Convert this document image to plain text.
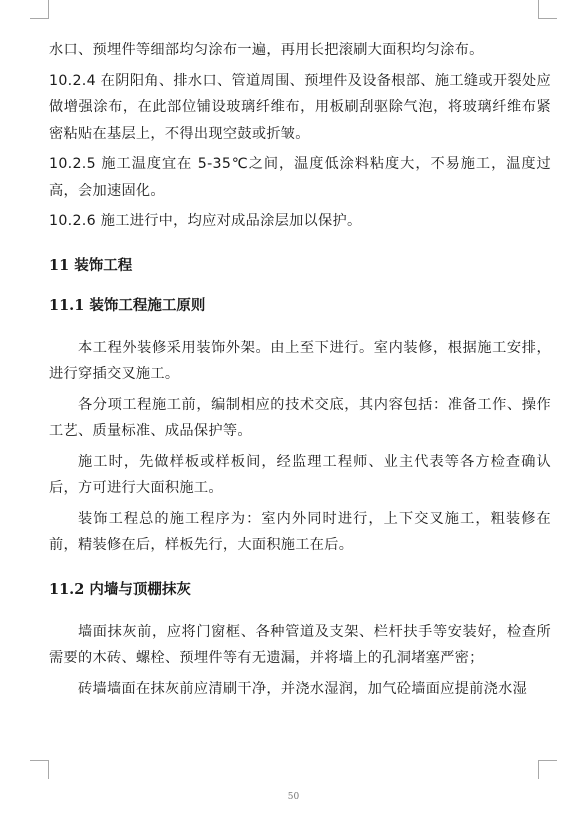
水口、预埋件等细部均匀涂布一遍，再用长把滚刷大面积均匀涂布。

10.2.4 在阴阳角、排水口、管道周围、预埋件及设备根部、施工缝或开裂处应做增强涂布，在此部位铺设玻璃纤维布，用板刷刮驱除气泡，将玻璃纤维布紧密粘贴在基层上，不得出现空鼓或折皱。

10.2.5 施工温度宜在 5-35℃之间，温度低涂料粘度大，不易施工，温度过高，会加速固化。

10.2.6 施工进行中，均应对成品涂层加以保护。

11 装饰工程
11.1 装饰工程施工原则

本工程外装修采用装饰外架。由上至下进行。室内装修，根据施工安排，进行穿插交叉施工。

各分项工程施工前，编制相应的技术交底，其内容包括：准备工作、操作工艺、质量标准、成品保护等。

施工时，先做样板或样板间，经监理工程师、业主代表等各方检查确认后，方可进行大面积施工。

装饰工程总的施工程序为：室内外同时进行，上下交叉施工，粗装修在前，精装修在后，样板先行，大面积施工在后。

11.2 内墙与顶棚抹灰

墙面抹灰前，应将门窗框、各种管道及支架、栏杆扶手等安装好，检查所需要的木砖、螺栓、预埋件等有无遗漏，并将墙上的孔洞堵塞严密；

砖墙墙面在抹灰前应清刷干净，并浇水湿润，加气砼墙面应提前浇水湿

50
